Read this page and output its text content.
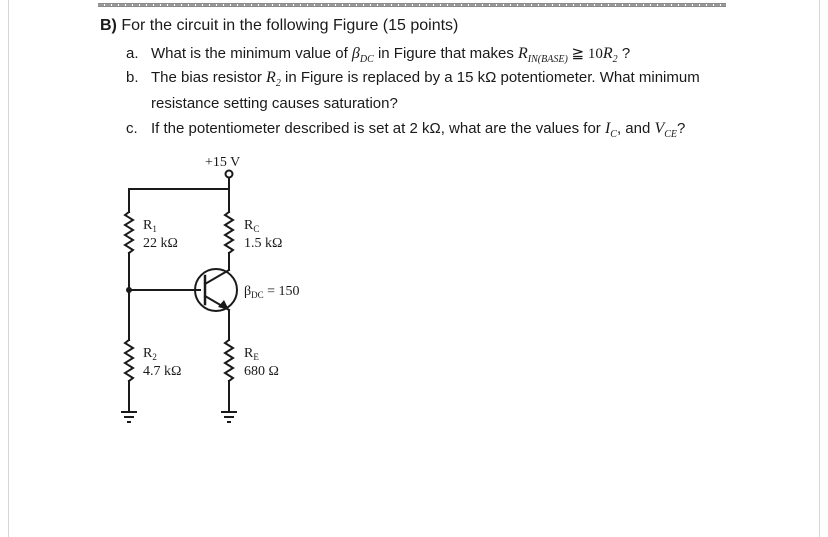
B) For the circuit in the following Figure (15 points)
a. What is the minimum value of $\beta_{DC}$ in Figure that makes $R_{IN(BASE)}$ ≧ $10R_2$ ?
b. The bias resistor $R_2$ in Figure is replaced by a 15 kΩ potentiometer. What minimum
resistance setting causes saturation?
c. If the potentiometer described is set at 2 kΩ, what are the values for $I_C$, and $V_{CE}$?
+15 V
$R_1$
22 kΩ
$R_C$
1.5 kΩ
$\beta_{DC} = 150$
$R_2$
4.7 kΩ
$R_E$
680 Ω
